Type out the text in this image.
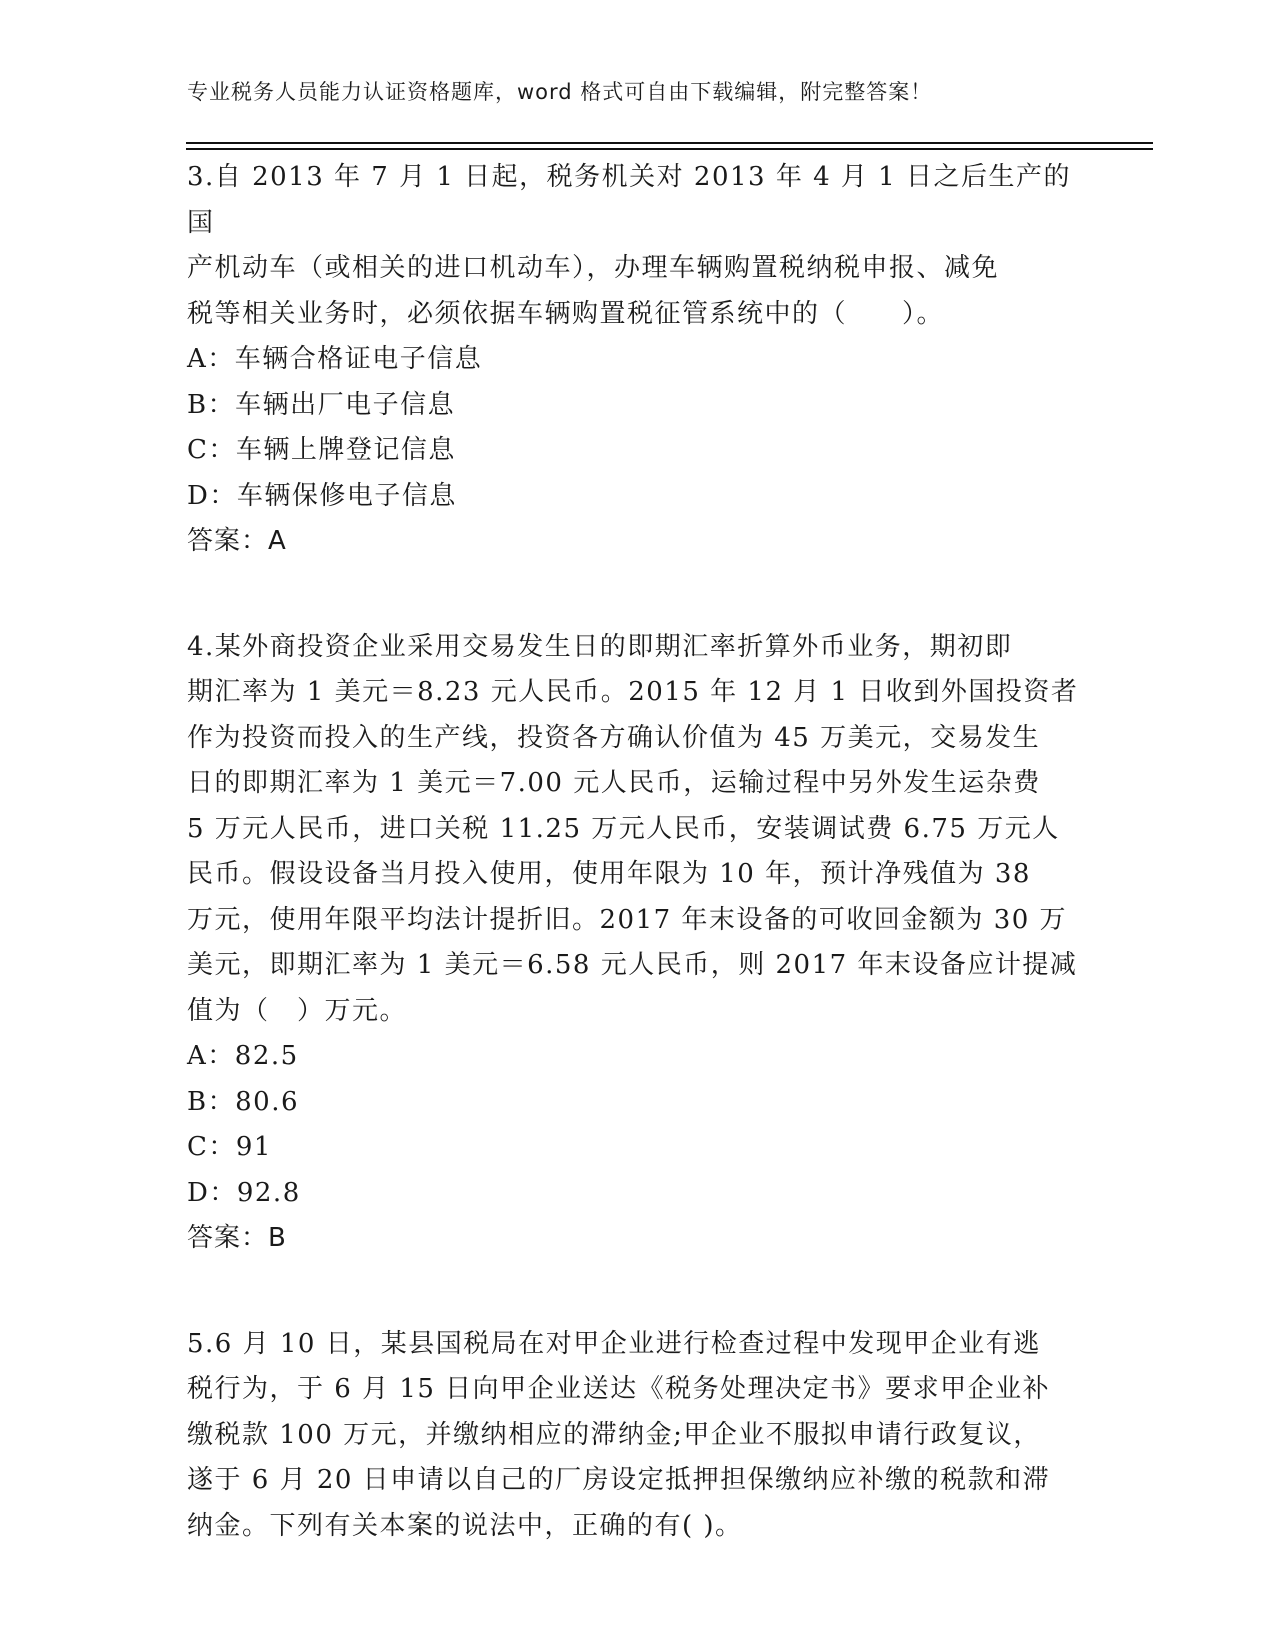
专业税务人员能力认证资格题库，word 格式可自由下载编辑，附完整答案！
3.自 2013 年 7 月 1 日起，税务机关对 2013 年 4 月 1 日之后生产的国
产机动车（或相关的进口机动车），办理车辆购置税纳税申报、减免
税等相关业务时，必须依据车辆购置税征管系统中的（　　）。
A：车辆合格证电子信息
B：车辆出厂电子信息
C：车辆上牌登记信息
D：车辆保修电子信息
答案：A
4.某外商投资企业采用交易发生日的即期汇率折算外币业务，期初即
期汇率为 1 美元＝8.23 元人民币。2015 年 12 月 1 日收到外国投资者
作为投资而投入的生产线，投资各方确认价值为 45 万美元，交易发生
日的即期汇率为 1 美元＝7.00 元人民币，运输过程中另外发生运杂费
5 万元人民币，进口关税 11.25 万元人民币，安装调试费 6.75 万元人
民币。假设设备当月投入使用，使用年限为 10 年，预计净残值为 38
万元，使用年限平均法计提折旧。2017 年末设备的可收回金额为 30 万
美元，即期汇率为 1 美元＝6.58 元人民币，则 2017 年末设备应计提减
值为（　）万元。
A：82.5
B：80.6
C：91
D：92.8
答案：B
5.6 月 10 日，某县国税局在对甲企业进行检查过程中发现甲企业有逃
税行为，于 6 月 15 日向甲企业送达《税务处理决定书》要求甲企业补
缴税款 100 万元，并缴纳相应的滞纳金;甲企业不服拟申请行政复议，
遂于 6 月 20 日申请以自己的厂房设定抵押担保缴纳应补缴的税款和滞
纳金。下列有关本案的说法中，正确的有( )。
